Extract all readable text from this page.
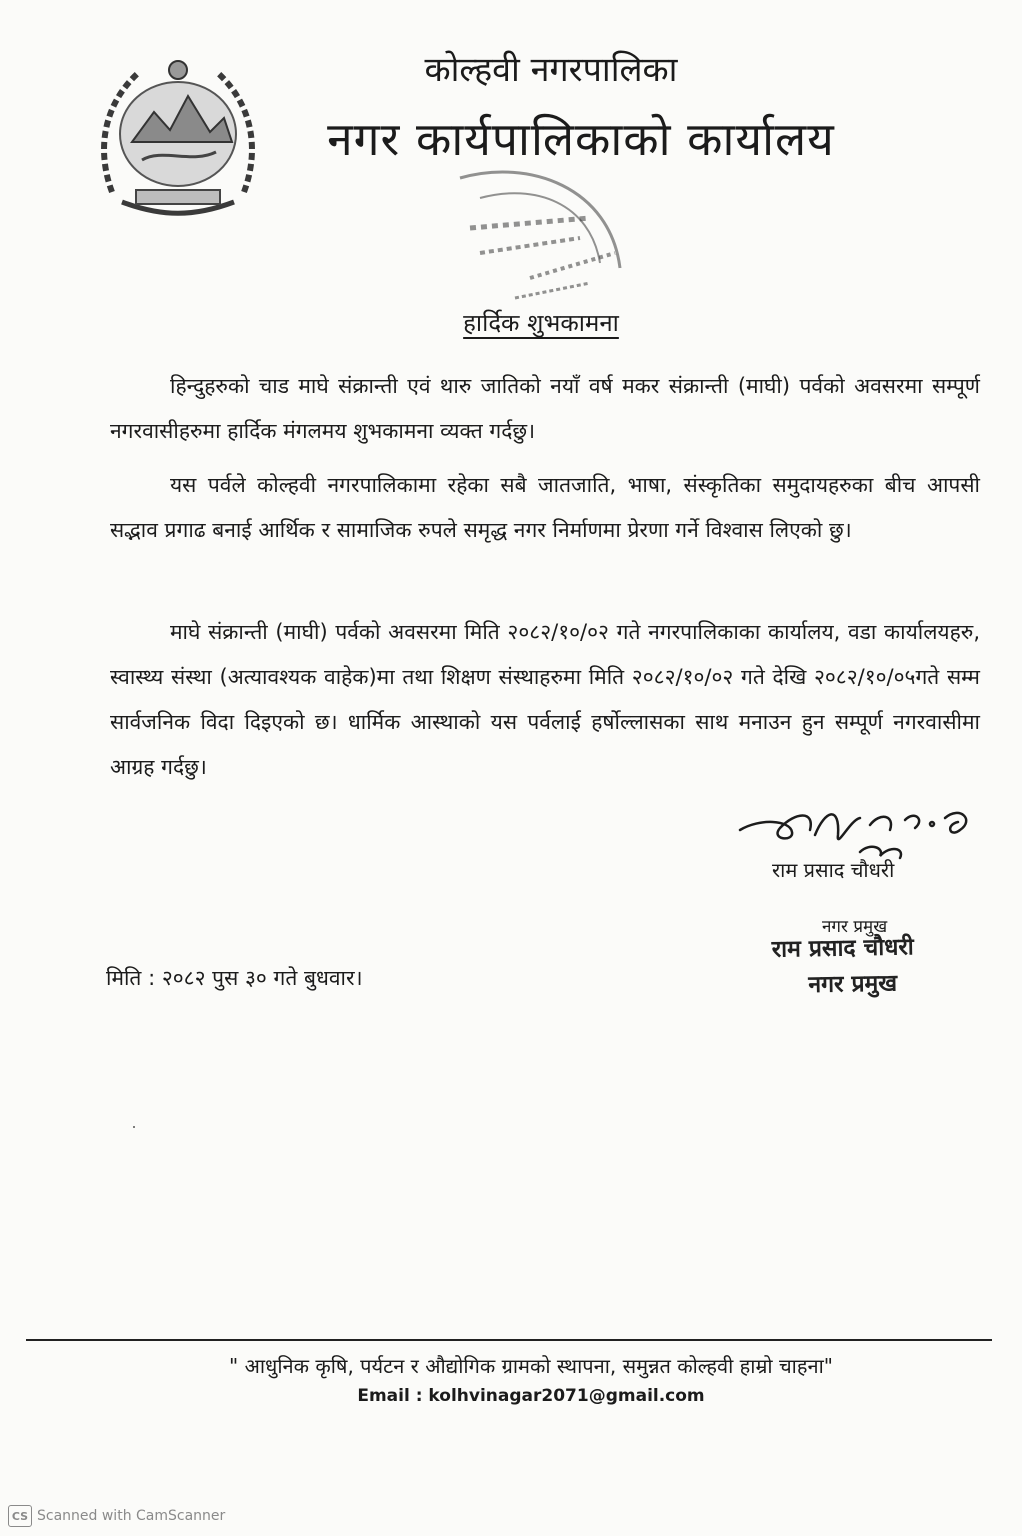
कोल्हवी नगरपालिका
नगर कार्यपालिकाको कार्यालय
हार्दिक शुभकामना

हिन्दुहरुको चाड माघे संक्रान्ती एवं थारु जातिको नयाँ वर्ष मकर संक्रान्ती (माघी) पर्वको अवसरमा सम्पूर्ण नगरवासीहरुमा हार्दिक मंगलमय शुभकामना व्यक्त गर्दछु।

यस पर्वले कोल्हवी नगरपालिकामा रहेका सबै जातजाति, भाषा, संस्कृतिका समुदायहरुका बीच आपसी सद्भाव प्रगाढ बनाई आर्थिक र सामाजिक रुपले समृद्ध नगर निर्माणमा प्रेरणा गर्ने विश्वास लिएको छु।

माघे संक्रान्ती (माघी) पर्वको अवसरमा मिति २०८२/१०/०२ गते नगरपालिकाका कार्यालय, वडा कार्यालयहरु, स्वास्थ्य संस्था (अत्यावश्यक वाहेक)मा तथा शिक्षण संस्थाहरुमा मिति २०८२/१०/०२ गते देखि २०८२/१०/०५गते सम्म सार्वजनिक विदा दिइएको छ। धार्मिक आस्थाको यस पर्वलाई हर्षोल्लासका साथ मनाउन हुन सम्पूर्ण नगरवासीमा आग्रह गर्दछु।

राम प्रसाद चौधरी
नगर प्रमुख
राम प्रसाद चौधरी
नगर प्रमुख
मिति : २०८२ पुस ३० गते बुधवार।
" आधुनिक कृषि, पर्यटन र औद्योगिक ग्रामको स्थापना, समुन्नत कोल्हवी हाम्रो चाहना"
Email : kolhvinagar2071@gmail.com
CS Scanned with CamScanner
